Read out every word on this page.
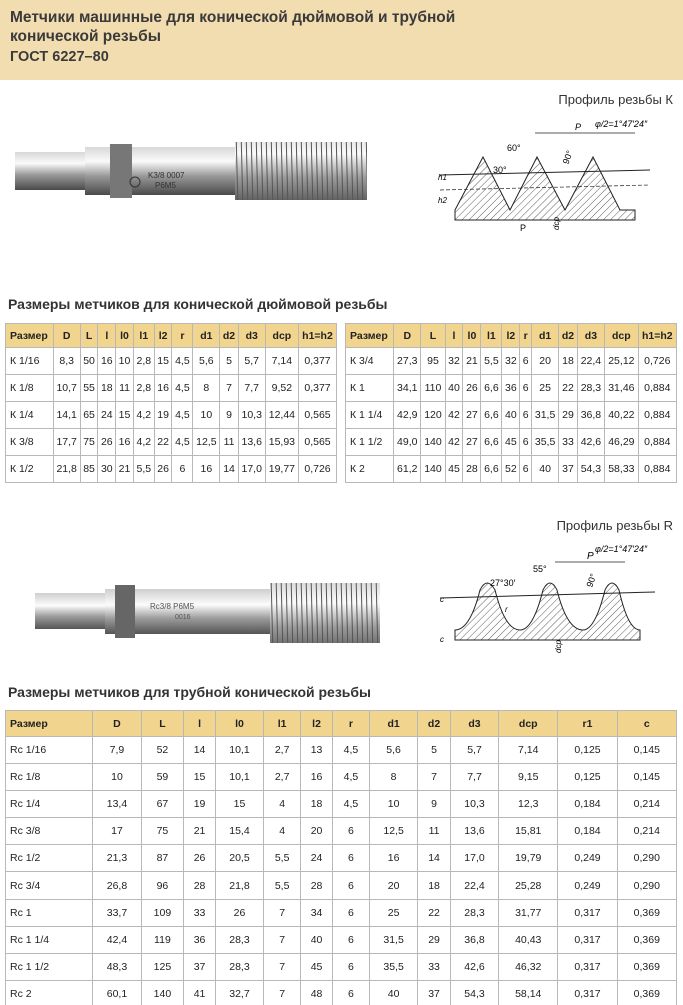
Метчики машинные для конической дюймовой и трубной
конической резьбы
ГОСТ 6227–80
Профиль резьбы К
K3/8 0007
P6M5
P
60°
30°
90°
h1
h2
P	dcp
φ/2=1°47′24″
Размеры метчиков для конической дюймовой резьбы
Размер	D	L	l	l0	l1	l2	r	d1	d2	d3	dcp	h1=h2
К 1/16	8,3	50	16	10	2,8	15	4,5	5,6	5	5,7	7,14	0,377
К 1/8	10,7	55	18	11	2,8	16	4,5	8	7	7,7	9,52	0,377
К 1/4	14,1	65	24	15	4,2	19	4,5	10	9	10,3	12,44	0,565
К 3/8	17,7	75	26	16	4,2	22	4,5	12,5	11	13,6	15,93	0,565
К 1/2	21,8	85	30	21	5,5	26	6	16	14	17,0	19,77	0,726
Размер	D	L	l	l0	l1	l2	r	d1	d2	d3	dcp	h1=h2
К 3/4	27,3	95	32	21	5,5	32	6	20	18	22,4	25,12	0,726
К 1	34,1	110	40	26	6,6	36	6	25	22	28,3	31,46	0,884
К 1 1/4	42,9	120	42	27	6,6	40	6	31,5	29	36,8	40,22	0,884
К 1 1/2	49,0	140	42	27	6,6	45	6	35,5	33	42,6	46,29	0,884
К 2	61,2	140	45	28	6,6	52	6	40	37	54,3	58,33	0,884
Профиль резьбы R
Rc3/8 P6M5
0016
P
55°
27°30′	90°
r
c
c
dcp
φ/2=1°47′24″
Размеры метчиков для трубной конической резьбы
Размер	D	L	l	l0	l1	l2	r	d1	d2	d3	dcp	r1	c
Rc 1/16	7,9	52	14	10,1	2,7	13	4,5	5,6	5	5,7	7,14	0,125	0,145
Rc 1/8	10	59	15	10,1	2,7	16	4,5	8	7	7,7	9,15	0,125	0,145
Rc 1/4	13,4	67	19	15	4	18	4,5	10	9	10,3	12,3	0,184	0,214
Rc 3/8	17	75	21	15,4	4	20	6	12,5	11	13,6	15,81	0,184	0,214
Rc 1/2	21,3	87	26	20,5	5,5	24	6	16	14	17,0	19,79	0,249	0,290
Rc 3/4	26,8	96	28	21,8	5,5	28	6	20	18	22,4	25,28	0,249	0,290
Rc 1	33,7	109	33	26	7	34	6	25	22	28,3	31,77	0,317	0,369
Rc 1 1/4	42,4	119	36	28,3	7	40	6	31,5	29	36,8	40,43	0,317	0,369
Rc 1 1/2	48,3	125	37	28,3	7	45	6	35,5	33	42,6	46,32	0,317	0,369
Rc 2	60,1	140	41	32,7	7	48	6	40	37	54,3	58,14	0,317	0,369
